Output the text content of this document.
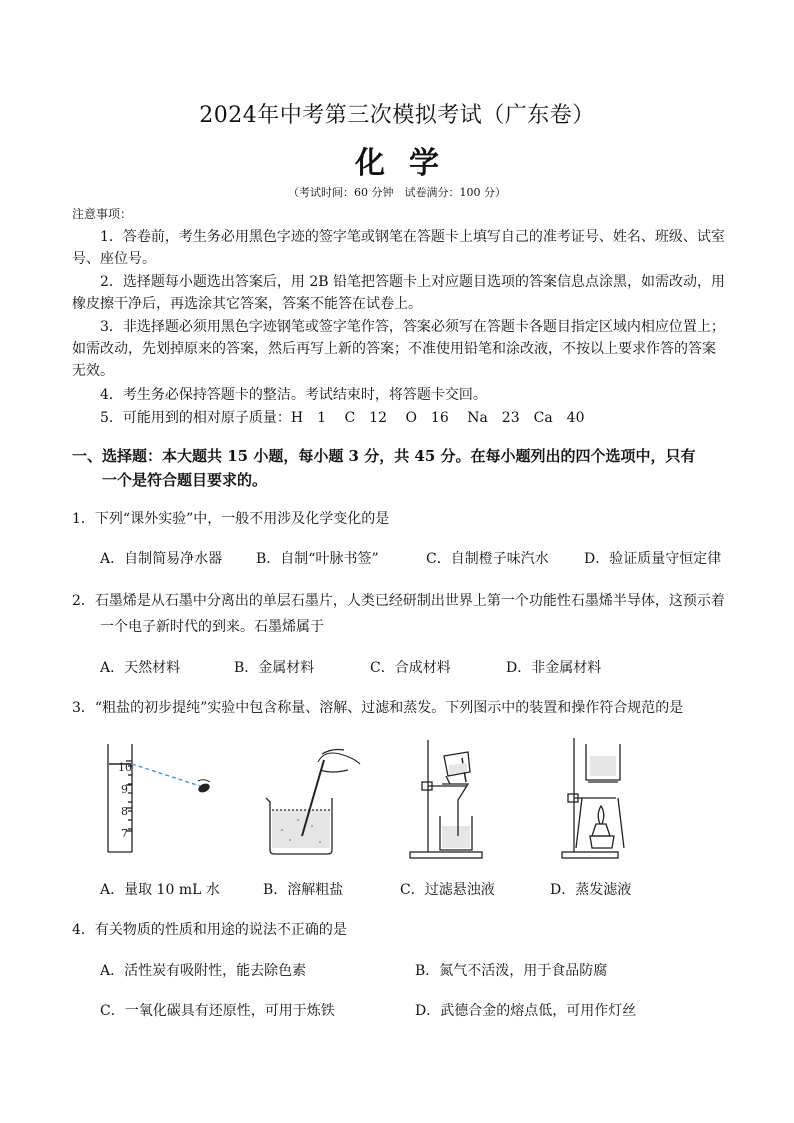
2024年中考第三次模拟考试（广东卷）
化学
（考试时间：60 分钟　试卷满分：100 分）
注意事项：

1．答卷前，考生务必用黑色字迹的签字笔或钢笔在答题卡上填写自己的准考证号、姓名、班级、试室号、座位号。

2．选择题每小题选出答案后，用 2B 铅笔把答题卡上对应题目选项的答案信息点涂黑，如需改动，用橡皮擦干净后，再选涂其它答案，答案不能答在试卷上。

3．非选择题必须用黑色字迹钢笔或签字笔作答，答案必须写在答题卡各题目指定区域内相应位置上；如需改动，先划掉原来的答案，然后再写上新的答案；不准使用铅笔和涂改液，不按以上要求作答的答案无效。

4．考生务必保持答题卡的整洁。考试结束时，将答题卡交回。

5．可能用到的相对原子质量：H　1　 C　12　 O　16　 Na　23　Ca　40

一、选择题：本大题共 15 小题，每小题 3 分，共 45 分。在每小题列出的四个选项中，只有
一个是符合题目要求的。
1．下列“课外实验”中，一般不用涉及化学变化的是
A．自制简易净水器 B．自制“叶脉书签”	C．自制橙子味汽水	D．验证质量守恒定律
2．石墨烯是从石墨中分离出的单层石墨片，人类已经研制出世界上第一个功能性石墨烯半导体，这预示着
一个电子新时代的到来。石墨烯属于
A．天然材料	B．金属材料	C．合成材料	D．非金属材料
3．“粗盐的初步提纯”实验中包含称量、溶解、过滤和蒸发。下列图示中的装置和操作符合规范的是
10
9
8
7
A．量取 10 mL 水	B．溶解粗盐	C．过滤悬浊液	D．蒸发滤液
4．有关物质的性质和用途的说法不正确的是
A．活性炭有吸附性，能去除色素	B．氮气不活泼，用于食品防腐
C．一氧化碳具有还原性，可用于炼铁	D．武德合金的熔点低，可用作灯丝
